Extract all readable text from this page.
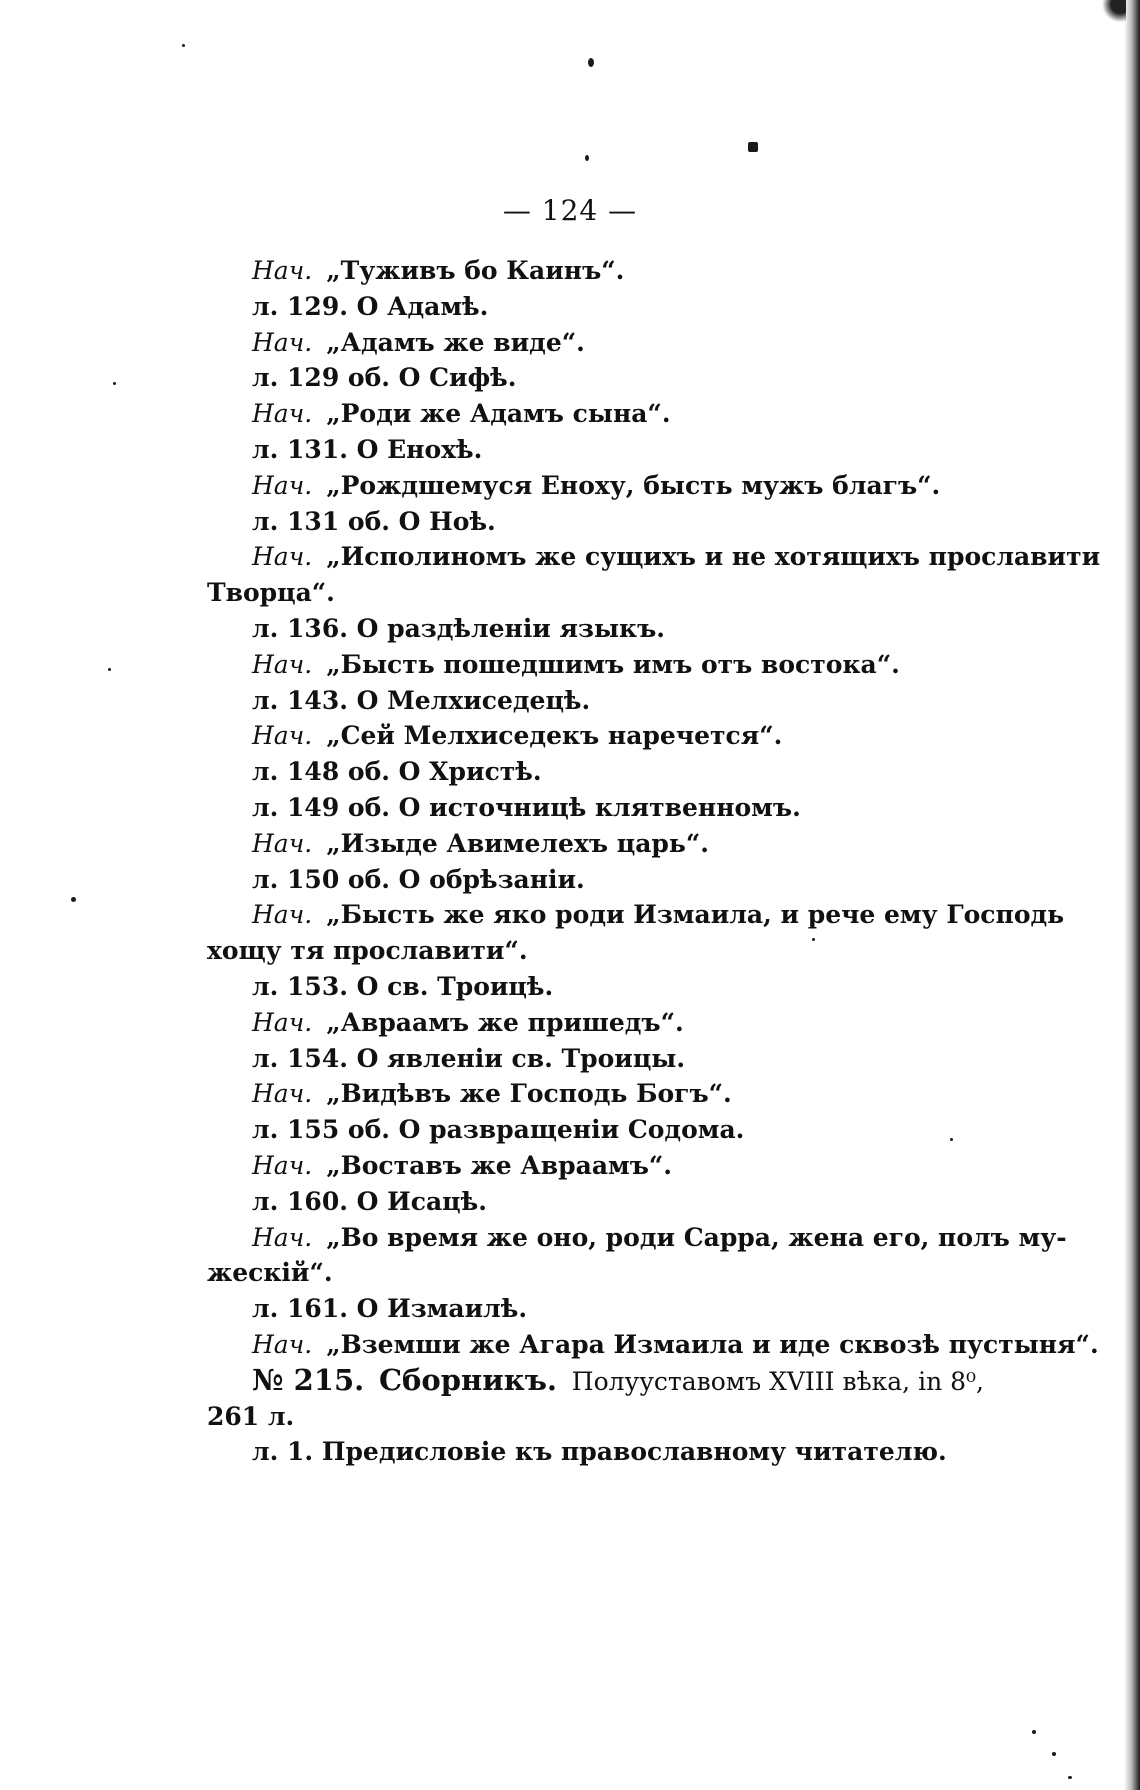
— 124 —
Нач. „Туживъ бо Каинъ“.
л. 129. О Адамѣ.
Нач. „Адамъ же виде“.
л. 129 об. О Сифѣ.
Нач. „Роди же Адамъ сына“.
л. 131. О Енохѣ.
Нач. „Рождшемуся Еноху, бысть мужъ благъ“.
л. 131 об. О Ноѣ.
Нач. „Исполиномъ же сущихъ и не хотящихъ прославити
Творца“.
л. 136. О раздѣленіи языкъ.
Нач. „Бысть пошедшимъ имъ отъ востока“.
л. 143. О Мелхиседецѣ.
Нач. „Сей Мелхиседекъ наречется“.
л. 148 об. О Христѣ.
л. 149 об. О источницѣ клятвенномъ.
Нач. „Изыде Авимелехъ царь“.
л. 150 об. О обрѣзаніи.
Нач. „Бысть же яко роди Измаила, и рече ему Господь
хощу тя прославити“.
л. 153. О св. Троицѣ.
Нач. „Авраамъ же пришедъ“.
л. 154. О явленіи св. Троицы.
Нач. „Видѣвъ же Господь Богъ“.
л. 155 об. О развращеніи Содома.
Нач. „Воставъ же Авраамъ“.
л. 160. О Исацѣ.
Нач. „Во время же оно, роди Сарра, жена его, полъ му-
жескій“.
л. 161. О Измаилѣ.
Нач. „Вземши же Агара Измаила и иде сквозѣ пустыня“.
№ 215. Сборникъ. Полууставомъ XVIII вѣка, in 8⁰,
261 л.
л. 1. Предисловіе къ православному читателю.
